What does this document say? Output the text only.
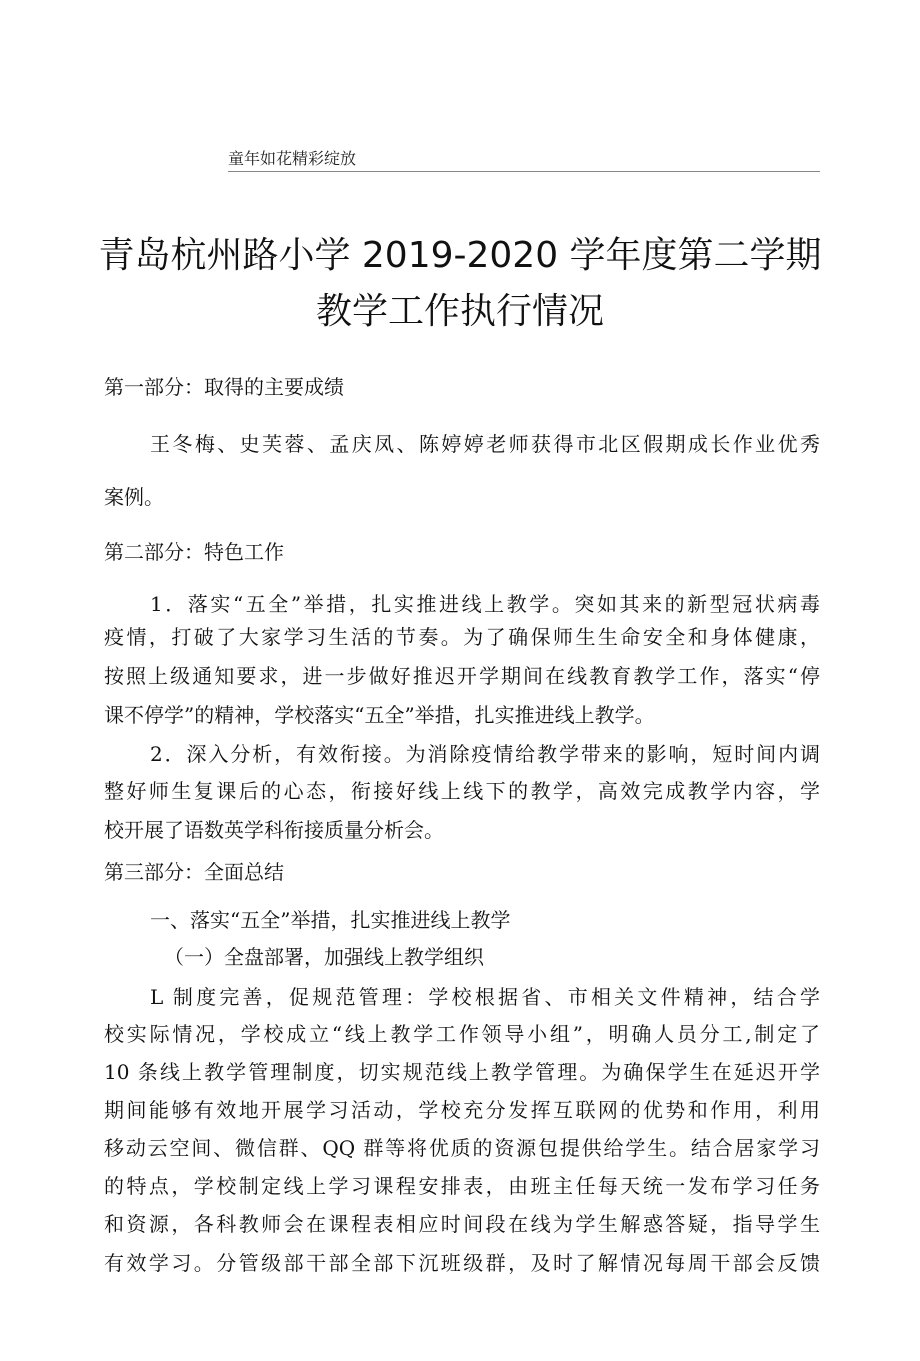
童年如花精彩绽放
青岛杭州路小学 2019-2020 学年度第二学期
教学工作执行情况
第一部分：取得的主要成绩
王冬梅、史芙蓉、孟庆凤、陈婷婷老师获得市北区假期成长作业优秀
案例。
第二部分：特色工作
1．落实“五全”举措，扎实推进线上教学。突如其来的新型冠状病毒
疫情，打破了大家学习生活的节奏。为了确保师生生命安全和身体健康，
按照上级通知要求，进一步做好推迟开学期间在线教育教学工作，落实“停
课不停学”的精神，学校落实“五全”举措，扎实推进线上教学。
2．深入分析，有效衔接。为消除疫情给教学带来的影响，短时间内调
整好师生复课后的心态，衔接好线上线下的教学，高效完成教学内容，学
校开展了语数英学科衔接质量分析会。
第三部分：全面总结
一、落实“五全”举措，扎实推进线上教学
（一）全盘部署，加强线上教学组织
L 制度完善，促规范管理：学校根据省、市相关文件精神，结合学
校实际情况，学校成立“线上教学工作领导小组”，明确人员分工,制定了
10 条线上教学管理制度，切实规范线上教学管理。为确保学生在延迟开学
期间能够有效地开展学习活动，学校充分发挥互联网的优势和作用，利用
移动云空间、微信群、QQ 群等将优质的资源包提供给学生。结合居家学习
的特点，学校制定线上学习课程安排表，由班主任每天统一发布学习任务
和资源，各科教师会在课程表相应时间段在线为学生解惑答疑，指导学生
有效学习。分管级部干部全部下沉班级群，及时了解情况每周干部会反馈
